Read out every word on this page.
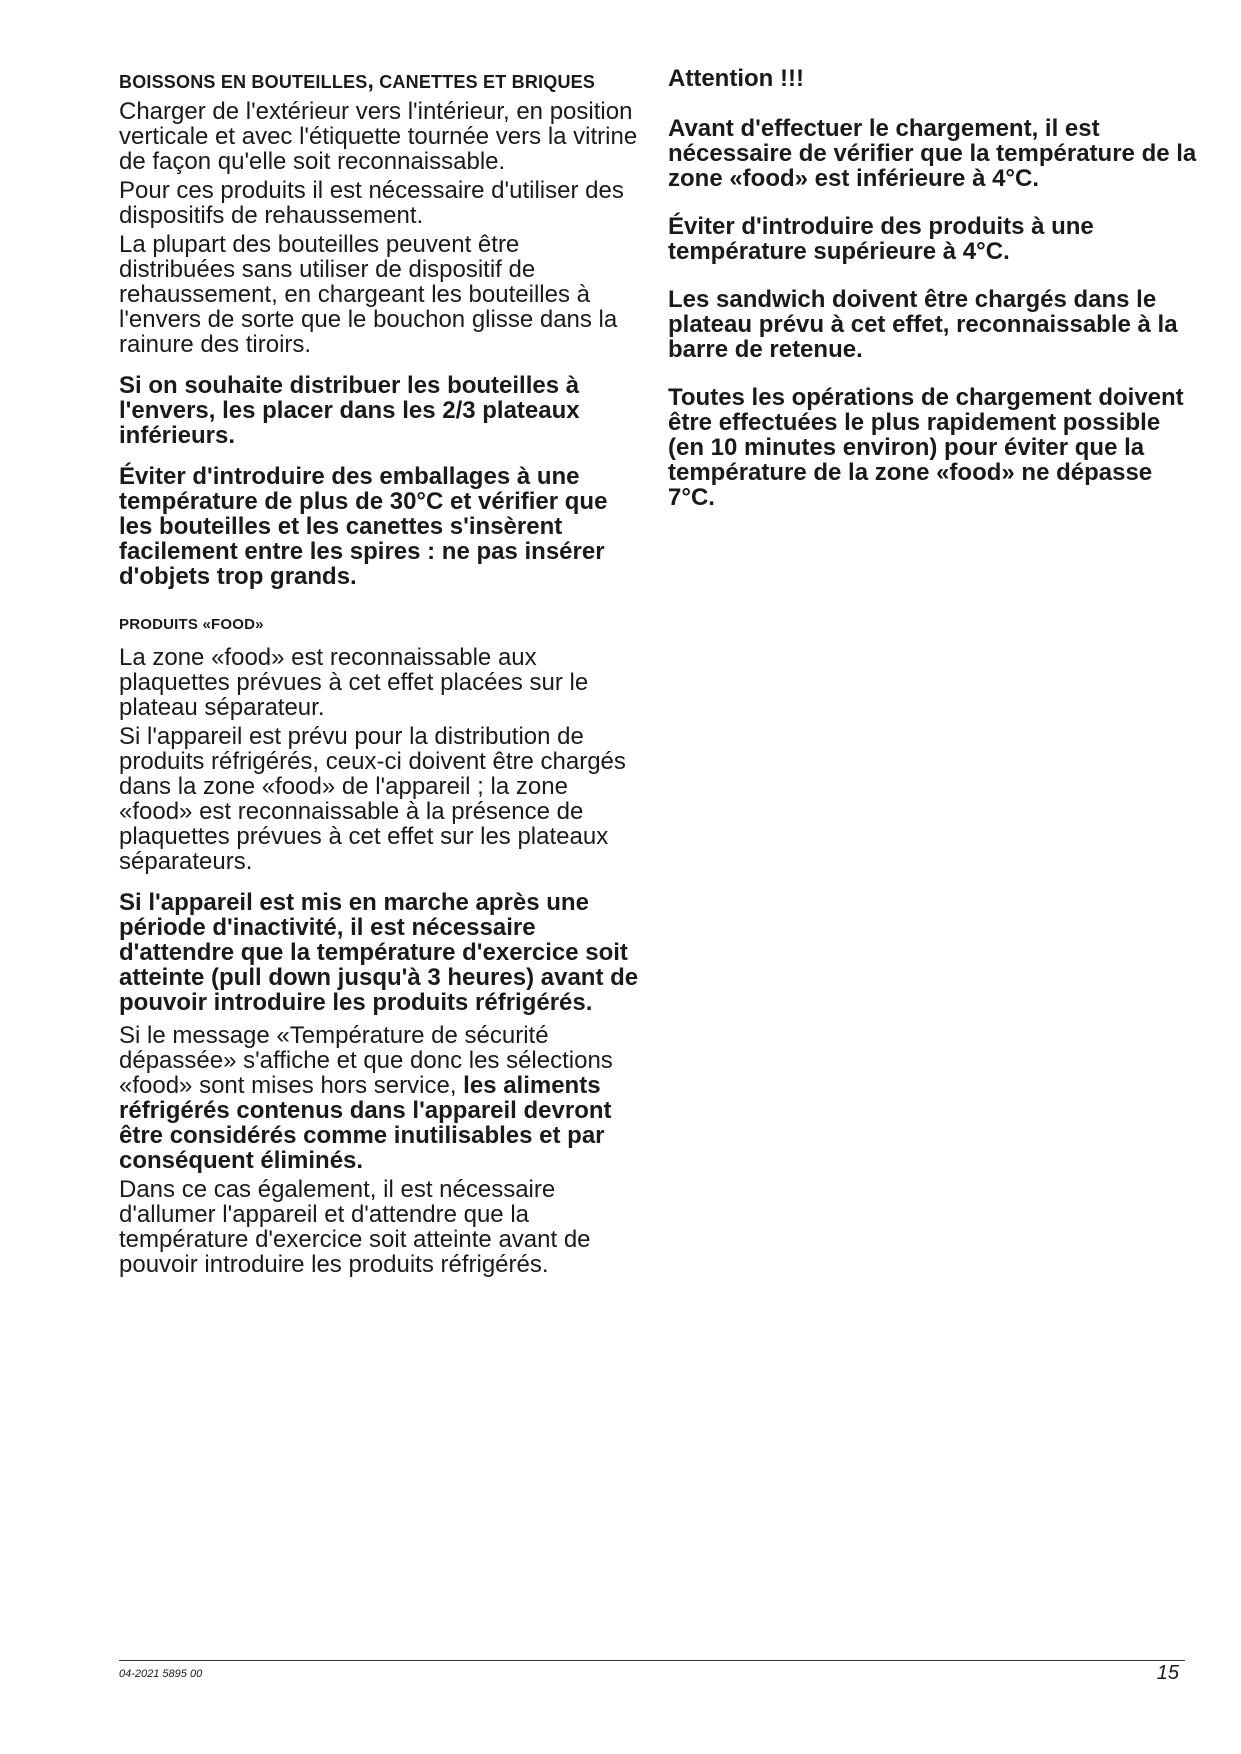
BOISSONS EN BOUTEILLES, CANETTES ET BRIQUES

Charger de l'extérieur vers l'intérieur, en position verticale et avec l'étiquette tournée vers la vitrine de façon qu'elle soit reconnaissable.

Pour ces produits il est nécessaire d'utiliser des dispositifs de rehaussement.

La plupart des bouteilles peuvent être distribuées sans utiliser de dispositif de rehaussement, en chargeant les bouteilles à l'envers de sorte que le bouchon glisse dans la rainure des tiroirs.

Si on souhaite distribuer les bouteilles à l'envers, les placer dans les 2/3 plateaux inférieurs.

Éviter d'introduire des emballages à une température de plus de 30°C et vérifier que les bouteilles et les canettes s'insèrent facilement entre les spires : ne pas insérer d'objets trop grands.

PRODUITS «FOOD»

La zone «food» est reconnaissable aux plaquettes prévues à cet effet placées sur le plateau séparateur.

Si l'appareil est prévu pour la distribution de produits réfrigérés, ceux-ci doivent être chargés dans la zone «food» de l'appareil ; la zone «food» est reconnaissable à la présence de plaquettes prévues à cet effet sur les plateaux séparateurs.

Si l'appareil est mis en marche après une période d'inactivité, il est nécessaire d'attendre que la température d'exercice soit atteinte (pull down jusqu'à 3 heures) avant de pouvoir introduire les produits réfrigérés.

Si le message «Température de sécurité dépassée» s'affiche et que donc les sélections «food» sont mises hors service, les aliments réfrigérés contenus dans l'appareil devront être considérés comme inutilisables et par conséquent éliminés.

Dans ce cas également, il est nécessaire d'allumer l'appareil et d'attendre que la température d'exercice soit atteinte avant de pouvoir introduire les produits réfrigérés.

Attention !!!

Avant d'effectuer le chargement, il est nécessaire de vérifier que la température de la zone «food» est inférieure à 4°C.

Éviter d'introduire des produits à une température supérieure à 4°C.

Les sandwich doivent être chargés dans le plateau prévu à cet effet, reconnaissable à la barre de retenue.

Toutes les opérations de chargement doivent être effectuées le plus rapidement possible (en 10 minutes environ) pour éviter que la température de la zone «food» ne dépasse 7°C.

04-2021 5895 00	15
